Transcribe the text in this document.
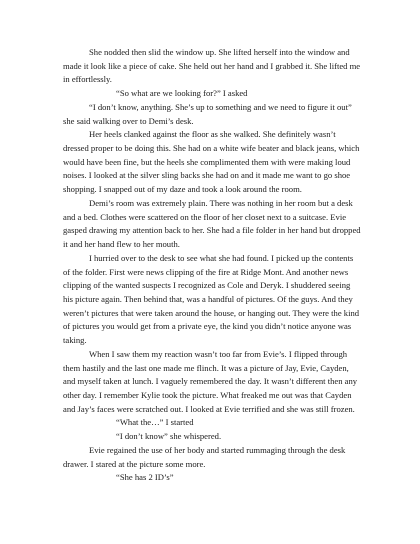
She nodded then slid the window up. She lifted herself into the window and made it look like a piece of cake. She held out her hand and I grabbed it. She lifted me in effortlessly.

“So what are we looking for?” I asked

“I don’t know, anything. She’s up to something and we need to figure it out” she said walking over to Demi’s desk.

Her heels clanked against the floor as she walked. She definitely wasn’t dressed proper to be doing this. She had on a white wife beater and black jeans, which would have been fine, but the heels she complimented them with were making loud noises. I looked at the silver sling backs she had on and it made me want to go shoe shopping. I snapped out of my daze and took a look around the room.

Demi’s room was extremely plain. There was nothing in her room but a desk and a bed. Clothes were scattered on the floor of her closet next to a suitcase. Evie gasped drawing my attention back to her. She had a file folder in her hand but dropped it and her hand flew to her mouth.

I hurried over to the desk to see what she had found. I picked up the contents of the folder. First were news clipping of the fire at Ridge Mont. And another news clipping of the wanted suspects I recognized as Cole and Deryk. I shuddered seeing his picture again. Then behind that, was a handful of pictures. Of the guys. And they weren’t pictures that were taken around the house, or hanging out. They were the kind of pictures you would get from a private eye, the kind you didn’t notice anyone was taking.

When I saw them my reaction wasn’t too far from Evie’s. I flipped through them hastily and the last one made me flinch. It was a picture of Jay, Evie, Cayden, and myself taken at lunch. I vaguely remembered the day. It wasn’t different then any other day. I remember Kylie took the picture. What freaked me out was that Cayden and Jay’s faces were scratched out. I looked at Evie terrified and she was still frozen.

“What the…” I started

“I don’t know” she whispered.

Evie regained the use of her body and started rummaging through the desk drawer. I stared at the picture some more.

“She has 2 ID’s”
